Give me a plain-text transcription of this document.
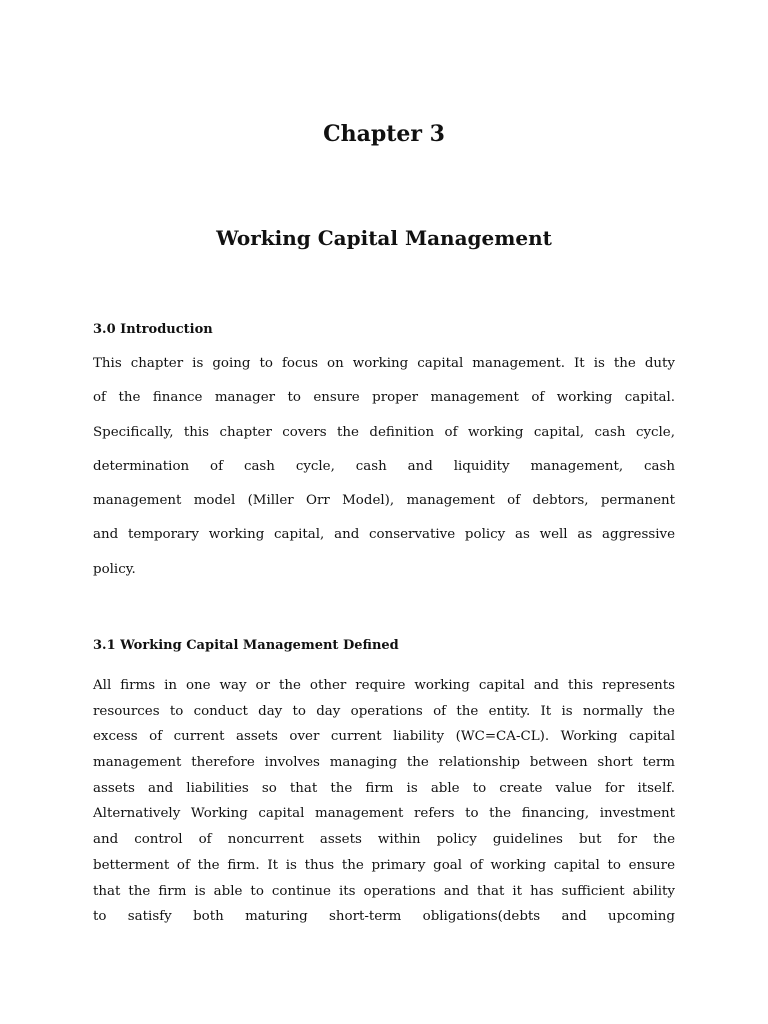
Chapter 3
Working Capital Management
3.0 Introduction
This chapter is going to focus on working capital management. It is the duty
of the finance manager to ensure proper management of working capital.
Specifically, this chapter covers the definition of working capital, cash cycle,
determination of cash cycle, cash and liquidity management, cash
management model (Miller Orr Model), management of debtors, permanent
and temporary working capital, and conservative policy as well as aggressive
policy.
3.1 Working Capital Management Defined
All firms in one way or the other require working capital and this represents
resources to conduct day to day operations of the entity. It is normally the
excess of current assets over current liability (WC=CA-CL). Working capital
management therefore involves managing the relationship between short term
assets and liabilities so that the firm is able to create value for itself.
Alternatively Working capital management refers to the financing, investment
and control of noncurrent assets within policy guidelines but for the
betterment of the firm. It is thus the primary goal of working capital to ensure
that the firm is able to continue its operations and that it has sufficient ability
to satisfy both maturing short-term obligations(debts and upcoming
